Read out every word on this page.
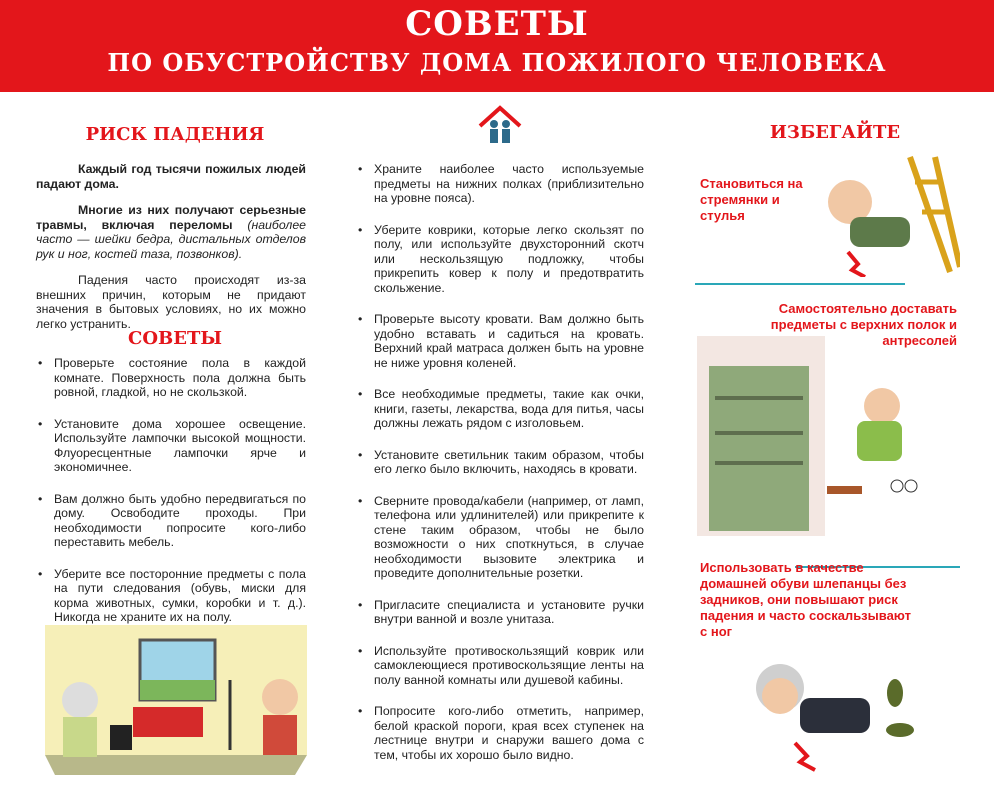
СОВЕТЫ
ПО ОБУСТРОЙСТВУ ДОМА ПОЖИЛОГО ЧЕЛОВЕКА
РИСК ПАДЕНИЯ

Каждый год тысячи пожилых людей падают дома.

Многие из них получают серьезные травмы, включая переломы (наиболее часто — шейки бедра, дистальных отделов рук и ног, костей таза, позвонков).

Падения часто происходят из-за внешних причин, которым не придают значения в бытовых условиях, но их можно легко устранить.

СОВЕТЫ
• Проверьте состояние пола в каждой комнате. Поверхность пола должна быть ровной, гладкой, но не скользкой.
• Установите дома хорошее освещение. Используйте лампочки высокой мощности. Флуоресцентные лампочки ярче и экономичнее.
• Вам должно быть удобно передвигаться по дому. Освободите проходы. При необходимости попросите кого-либо переставить мебель.
• Уберите все посторонние предметы с пола на пути следования (обувь, миски для корма животных, сумки, коробки и т. д.). Никогда не храните их на полу.
• Храните наиболее часто используемые предметы на нижних полках (приблизительно на уровне пояса).
• Уберите коврики, которые легко скользят по полу, или используйте двухсторонний скотч или нескользящую подложку, чтобы прикрепить ковер к полу и предотвратить скольжение.
• Проверьте высоту кровати. Вам должно быть удобно вставать и садиться на кровать. Верхний край матраса должен быть на уровне не ниже уровня коленей.
• Все необходимые предметы, такие как очки, книги, газеты, лекарства, вода для питья, часы должны лежать рядом с изголовьем.
• Установите светильник таким образом, чтобы его легко было включить, находясь в кровати.
• Сверните провода/кабели (например, от ламп, телефона или удлинителей) или прикрепите к стене таким образом, чтобы не было возможности о них споткнуться, в случае необходимости вызовите электрика и проведите дополнительные розетки.
• Пригласите специалиста и установите ручки внутри ванной и возле унитаза.
• Используйте противоскользящий коврик или самоклеющиеся противоскользящие ленты на полу ванной комнаты или душевой кабины.
• Попросите кого-либо отметить, например, белой краской пороги, края всех ступенек на лестнице внутри и снаружи вашего дома с тем, чтобы их хорошо было видно.
ИЗБЕГАЙТЕ
Становиться на стремянки и стулья
Самостоятельно доставать предметы с верхних полок и антресолей
Использовать в качестве домашней обуви шлепанцы без задников, они повышают риск падения и часто соскальзывают с ног
